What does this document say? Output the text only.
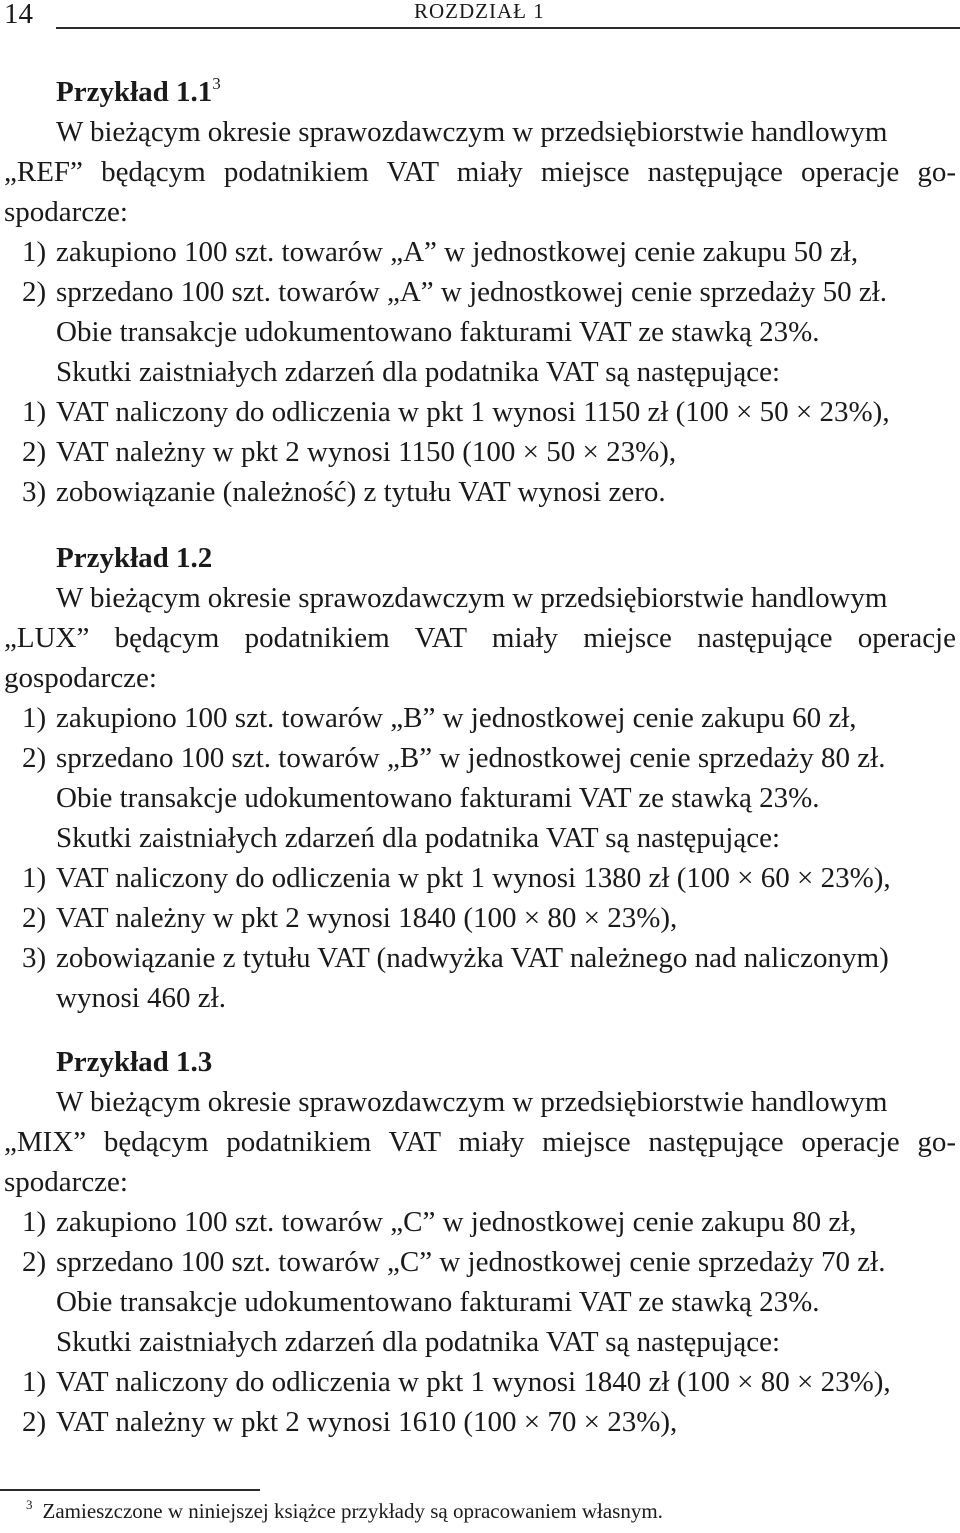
14	ROZDZIAŁ 1
Przykład $1.1^3$
W bieżącym okresie sprawozdawczym w przedsiębiorstwie handlowym
„REF” będącym podatnikiem VAT miały miejsce następujące operacje go-
spodarcze:
1) zakupiono 100 szt. towarów „A” w jednostkowej cenie zakupu 50 zł,
2) sprzedano 100 szt. towarów „A” w jednostkowej cenie sprzedaży 50 zł.
Obie transakcje udokumentowano fakturami VAT ze stawką 23%.
Skutki zaistniałych zdarzeń dla podatnika VAT są następujące:
1) VAT naliczony do odliczenia w pkt 1 wynosi 1150 zł (100 × 50 × 23%),
2) VAT należny w pkt 2 wynosi 1150 (100 × 50 × 23%),
3) zobowiązanie (należność) z tytułu VAT wynosi zero.
Przykład 1.2
W bieżącym okresie sprawozdawczym w przedsiębiorstwie handlowym
„LUX” będącym podatnikiem VAT miały miejsce następujące operacje
gospodarcze:
1) zakupiono 100 szt. towarów „B” w jednostkowej cenie zakupu 60 zł,
2) sprzedano 100 szt. towarów „B” w jednostkowej cenie sprzedaży 80 zł.
Obie transakcje udokumentowano fakturami VAT ze stawką 23%.
Skutki zaistniałych zdarzeń dla podatnika VAT są następujące:
1) VAT naliczony do odliczenia w pkt 1 wynosi 1380 zł (100 × 60 × 23%),
2) VAT należny w pkt 2 wynosi 1840 (100 × 80 × 23%),
3) zobowiązanie z tytułu VAT (nadwyżka VAT należnego nad naliczonym)
wynosi 460 zł.
Przykład 1.3
W bieżącym okresie sprawozdawczym w przedsiębiorstwie handlowym
„MIX” będącym podatnikiem VAT miały miejsce następujące operacje go-
spodarcze:
1) zakupiono 100 szt. towarów „C” w jednostkowej cenie zakupu 80 zł,
2) sprzedano 100 szt. towarów „C” w jednostkowej cenie sprzedaży 70 zł.
Obie transakcje udokumentowano fakturami VAT ze stawką 23%.
Skutki zaistniałych zdarzeń dla podatnika VAT są następujące:
1) VAT naliczony do odliczenia w pkt 1 wynosi 1840 zł (100 × 80 × 23%),
2) VAT należny w pkt 2 wynosi 1610 (100 × 70 × 23%),
$^3$ Zamieszczone w niniejszej książce przykłady są opracowaniem własnym.
